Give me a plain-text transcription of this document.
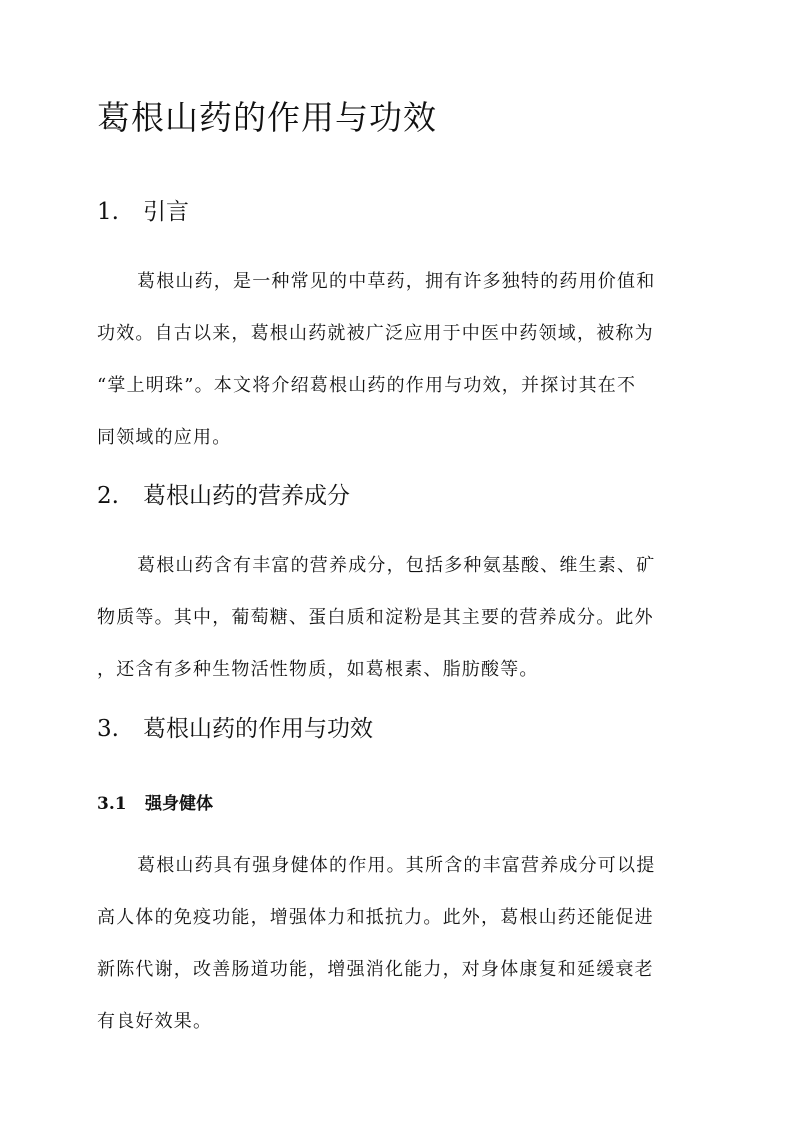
葛根山药的作用与功效
1. 引言
葛根山药，是一种常见的中草药，拥有许多独特的药用价值和
功效。自古以来，葛根山药就被广泛应用于中医中药领域，被称为
“掌上明珠”。本文将介绍葛根山药的作用与功效，并探讨其在不
同领域的应用。
2. 葛根山药的营养成分
葛根山药含有丰富的营养成分，包括多种氨基酸、维生素、矿
物质等。其中，葡萄糖、蛋白质和淀粉是其主要的营养成分。此外
，还含有多种生物活性物质，如葛根素、脂肪酸等。
3. 葛根山药的作用与功效
3.1 强身健体
葛根山药具有强身健体的作用。其所含的丰富营养成分可以提
高人体的免疫功能，增强体力和抵抗力。此外，葛根山药还能促进
新陈代谢，改善肠道功能，增强消化能力，对身体康复和延缓衰老
有良好效果。
